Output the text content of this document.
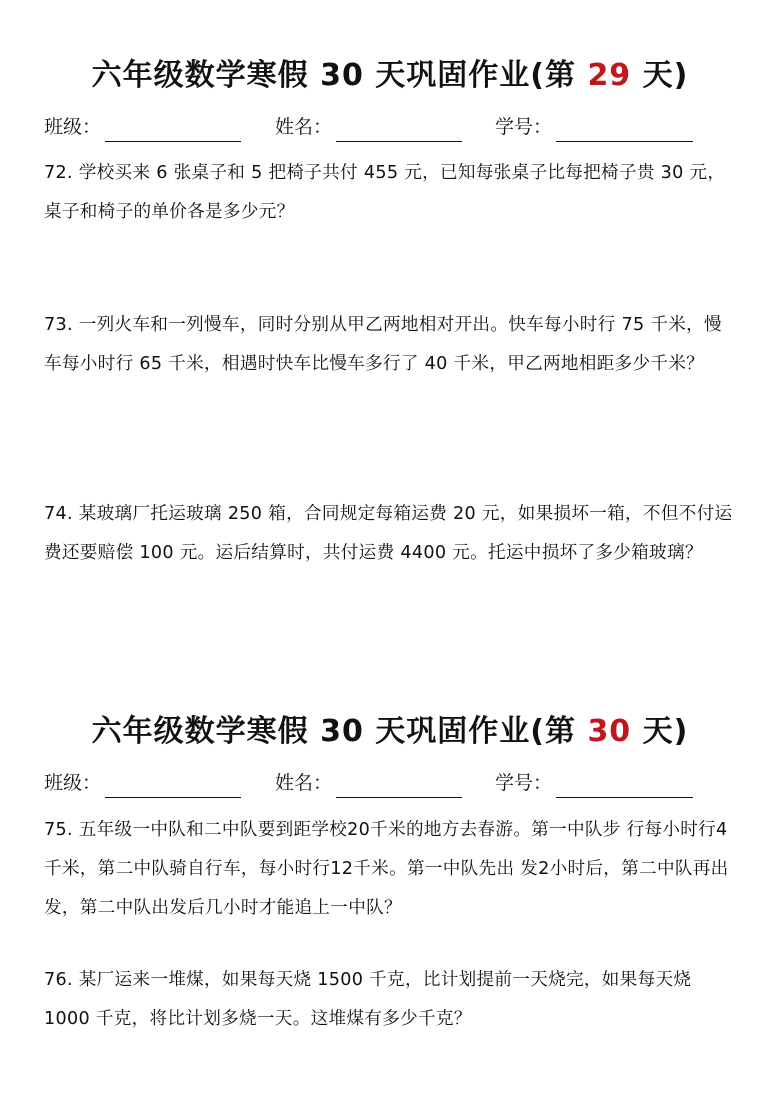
六年级数学寒假 30 天巩固作业(第 29 天)
班级：	姓名：	学号：
72. 学校买来 6 张桌子和 5 把椅子共付 455 元，已知每张桌子比每把椅子贵 30 元，桌子和椅子的单价各是多少元？
73. 一列火车和一列慢车，同时分别从甲乙两地相对开出。快车每小时行 75 千米，慢车每小时行 65 千米，相遇时快车比慢车多行了 40 千米，甲乙两地相距多少千米？
74. 某玻璃厂托运玻璃 250 箱，合同规定每箱运费 20 元，如果损坏一箱，不但不付运费还要赔偿 100 元。运后结算时，共付运费 4400 元。托运中损坏了多少箱玻璃？
六年级数学寒假 30 天巩固作业(第 30 天)
班级：	姓名：	学号：
75. 五年级一中队和二中队要到距学校20千米的地方去春游。第一中队步 行每小时行4千米，第二中队骑自行车，每小时行12千米。第一中队先出 发2小时后，第二中队再出发，第二中队出发后几小时才能追上一中队？
76. 某厂运来一堆煤，如果每天烧 1500 千克，比计划提前一天烧完，如果每天烧 1000 千克，将比计划多烧一天。这堆煤有多少千克？
